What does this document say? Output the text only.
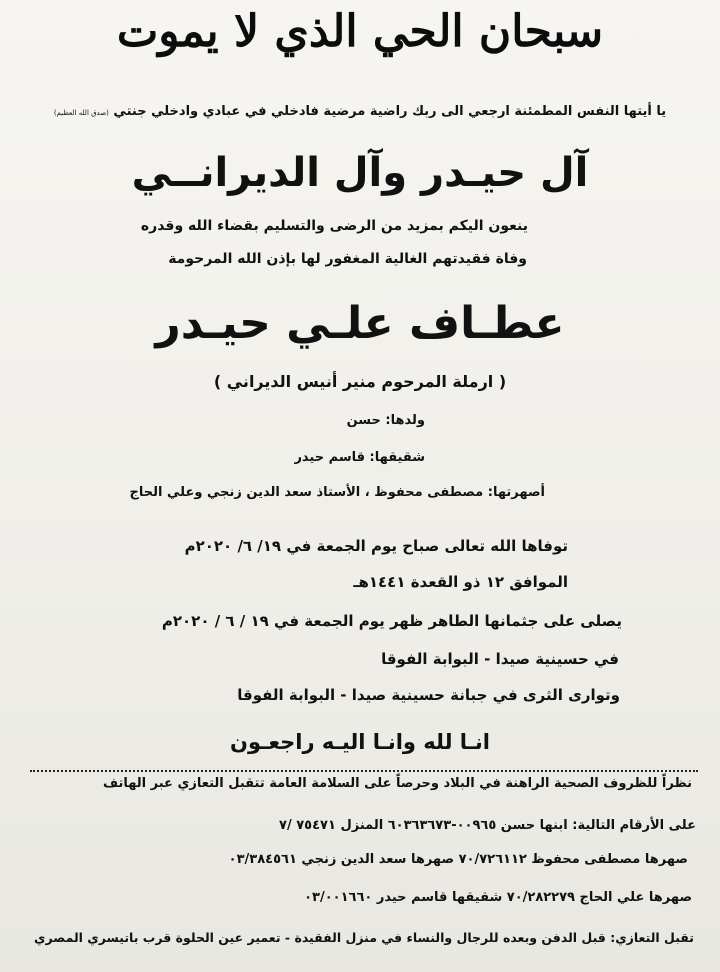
سبحان الحي الذي لا يموت
يا أيتها النفس المطمئنة ارجعي الى ربك راضية مرضية فادخلي في عبادي وادخلي جنتي (صدق الله العظيم)
آل حيـدر وآل الديرانــي
ينعون اليكم بمزيد من الرضى والتسليم بقضاء الله وقدره
وفاة فقيدتهم الغالية المغفور لها بإذن الله المرحومة
عطـاف علـي حيـدر
( ارملة المرحوم منير أنيس الديراني )
ولدها: حسن
شقيقها: قاسم حيدر
أصهرتها: مصطفى محفوظ ، الأستاذ سعد الدين زنجي وعلي الحاج
توفاها الله تعالى صباح يوم الجمعة في ١٩/ ٦/ ٢٠٢٠م
الموافق ١٢ ذو القعدة ١٤٤١هـ
يصلى على جثمانها الطاهر ظهر يوم الجمعة في ١٩ / ٦ / ٢٠٢٠م
في حسينية صيدا - البوابة الفوقا
وتوارى الثرى في جبانة حسينية صيدا - البوابة الفوقا
انـا لله وانـا اليـه راجعـون
نظراً للظروف الصحية الراهنة في البلاد وحرصاً على السلامة العامة تتقبل التعازي عبر الهاتف
على الأرقام التالية: ابنها حسن ٠٠٩٦٥-٦٠٣٦٣٦٧٣ المنزل ٧٥٤٧١ /٧
صهرها مصطفى محفوظ ٧٠/٧٢٦١١٢ صهرها سعد الدين زنجي ٠٣/٣٨٤٥٦١
صهرها علي الحاج ٧٠/٢٨٢٢٧٩ شقيقها قاسم حيدر ٠٣/٠٠١٦٦٠
تقبل التعازي: قبل الدفن وبعده للرجال والنساء في منزل الفقيدة - تعمير عين الحلوة قرب باتيسري المصري
